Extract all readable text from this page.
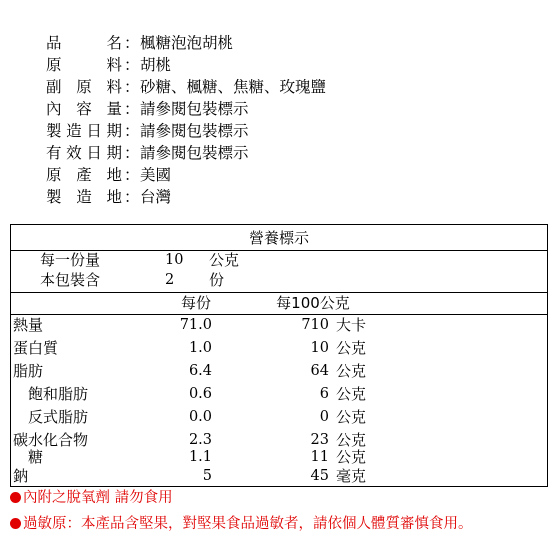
品名 ： 楓糖泡泡胡桃
原料 ： 胡桃
副原料 ： 砂糖、楓糖、焦糖、玫瑰鹽
內容量 ： 請參閱包裝標示
製造日期 ： 請參閱包裝標示
有效日期 ： 請參閱包裝標示
原產地 ： 美國
製造地 ： 台灣
營養標示
每一份量	10 公克
本包裝含	2 份
每份	每100公克
熱量	71.0	710 大卡
蛋白質	1.0	10 公克
脂肪	6.4	64 公克
飽和脂肪	0.6	6 公克
反式脂肪	0.0	0 公克
碳水化合物	2.3	23 公克
糖	1.1	11 公克
鈉	5	45 毫克
內附之脫氧劑 請勿食用
過敏原：本產品含堅果，對堅果食品過敏者，請依個人體質審慎食用。
